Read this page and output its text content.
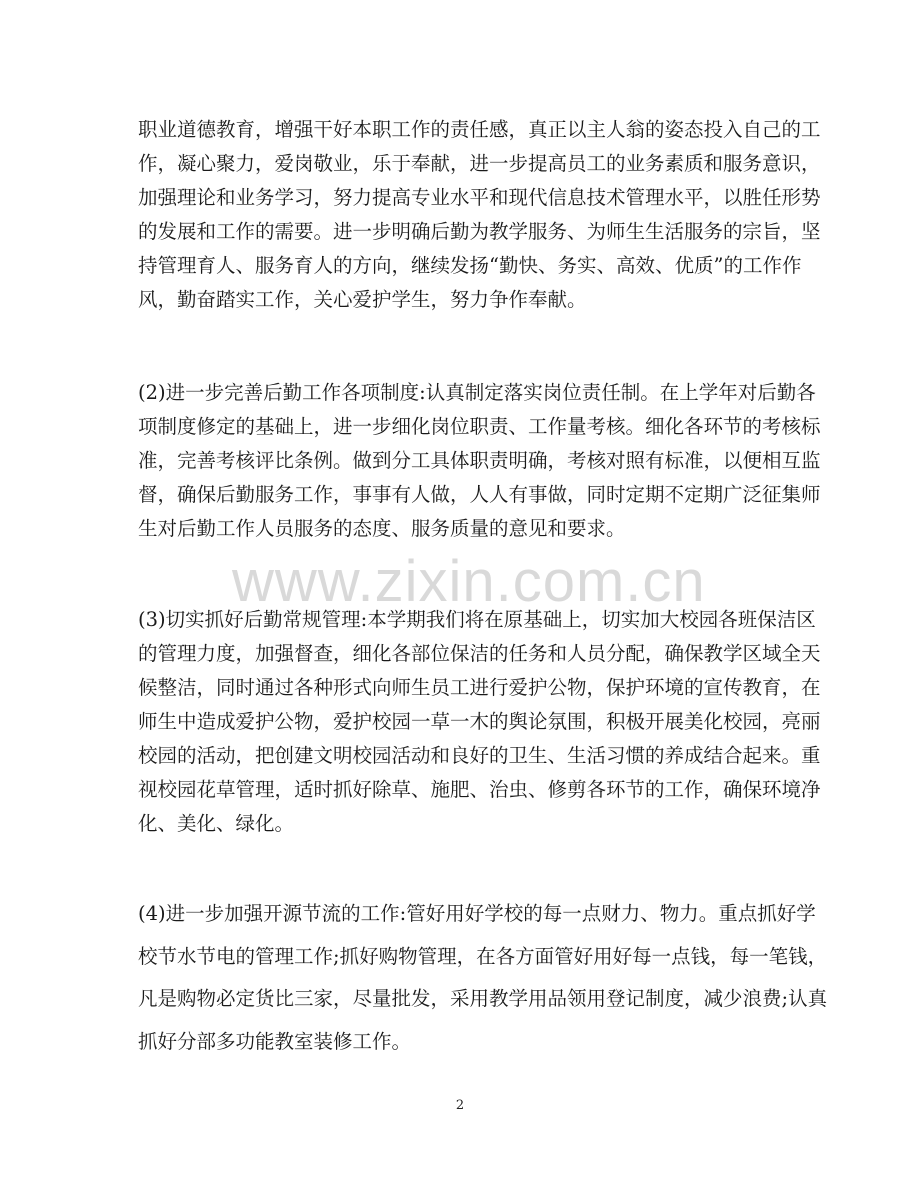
职业道德教育，增强干好本职工作的责任感，真正以主人翁的姿态投入自己的工
作，凝心聚力，爱岗敬业，乐于奉献，进一步提高员工的业务素质和服务意识，
加强理论和业务学习，努力提高专业水平和现代信息技术管理水平，以胜任形势
的发展和工作的需要。进一步明确后勤为教学服务、为师生生活服务的宗旨，坚
持管理育人、服务育人的方向，继续发扬“勤快、务实、高效、优质”的工作作
风，勤奋踏实工作，关心爱护学生，努力争作奉献。
(2)进一步完善后勤工作各项制度:认真制定落实岗位责任制。在上学年对后勤各
项制度修定的基础上，进一步细化岗位职责、工作量考核。细化各环节的考核标
准，完善考核评比条例。做到分工具体职责明确，考核对照有标准，以便相互监
督，确保后勤服务工作，事事有人做，人人有事做，同时定期不定期广泛征集师
生对后勤工作人员服务的态度、服务质量的意见和要求。
(3)切实抓好后勤常规管理:本学期我们将在原基础上，切实加大校园各班保洁区
的管理力度，加强督查，细化各部位保洁的任务和人员分配，确保教学区域全天
候整洁，同时通过各种形式向师生员工进行爱护公物，保护环境的宣传教育，在
师生中造成爱护公物，爱护校园一草一木的舆论氛围，积极开展美化校园，亮丽
校园的活动，把创建文明校园活动和良好的卫生、生活习惯的养成结合起来。重
视校园花草管理，适时抓好除草、施肥、治虫、修剪各环节的工作，确保环境净
化、美化、绿化。
(4)进一步加强开源节流的工作:管好用好学校的每一点财力、物力。重点抓好学
校节水节电的管理工作;抓好购物管理，在各方面管好用好每一点钱，每一笔钱，
凡是购物必定货比三家，尽量批发，采用教学用品领用登记制度，减少浪费;认真
抓好分部多功能教室装修工作。
www.zixin.com.cn
2
